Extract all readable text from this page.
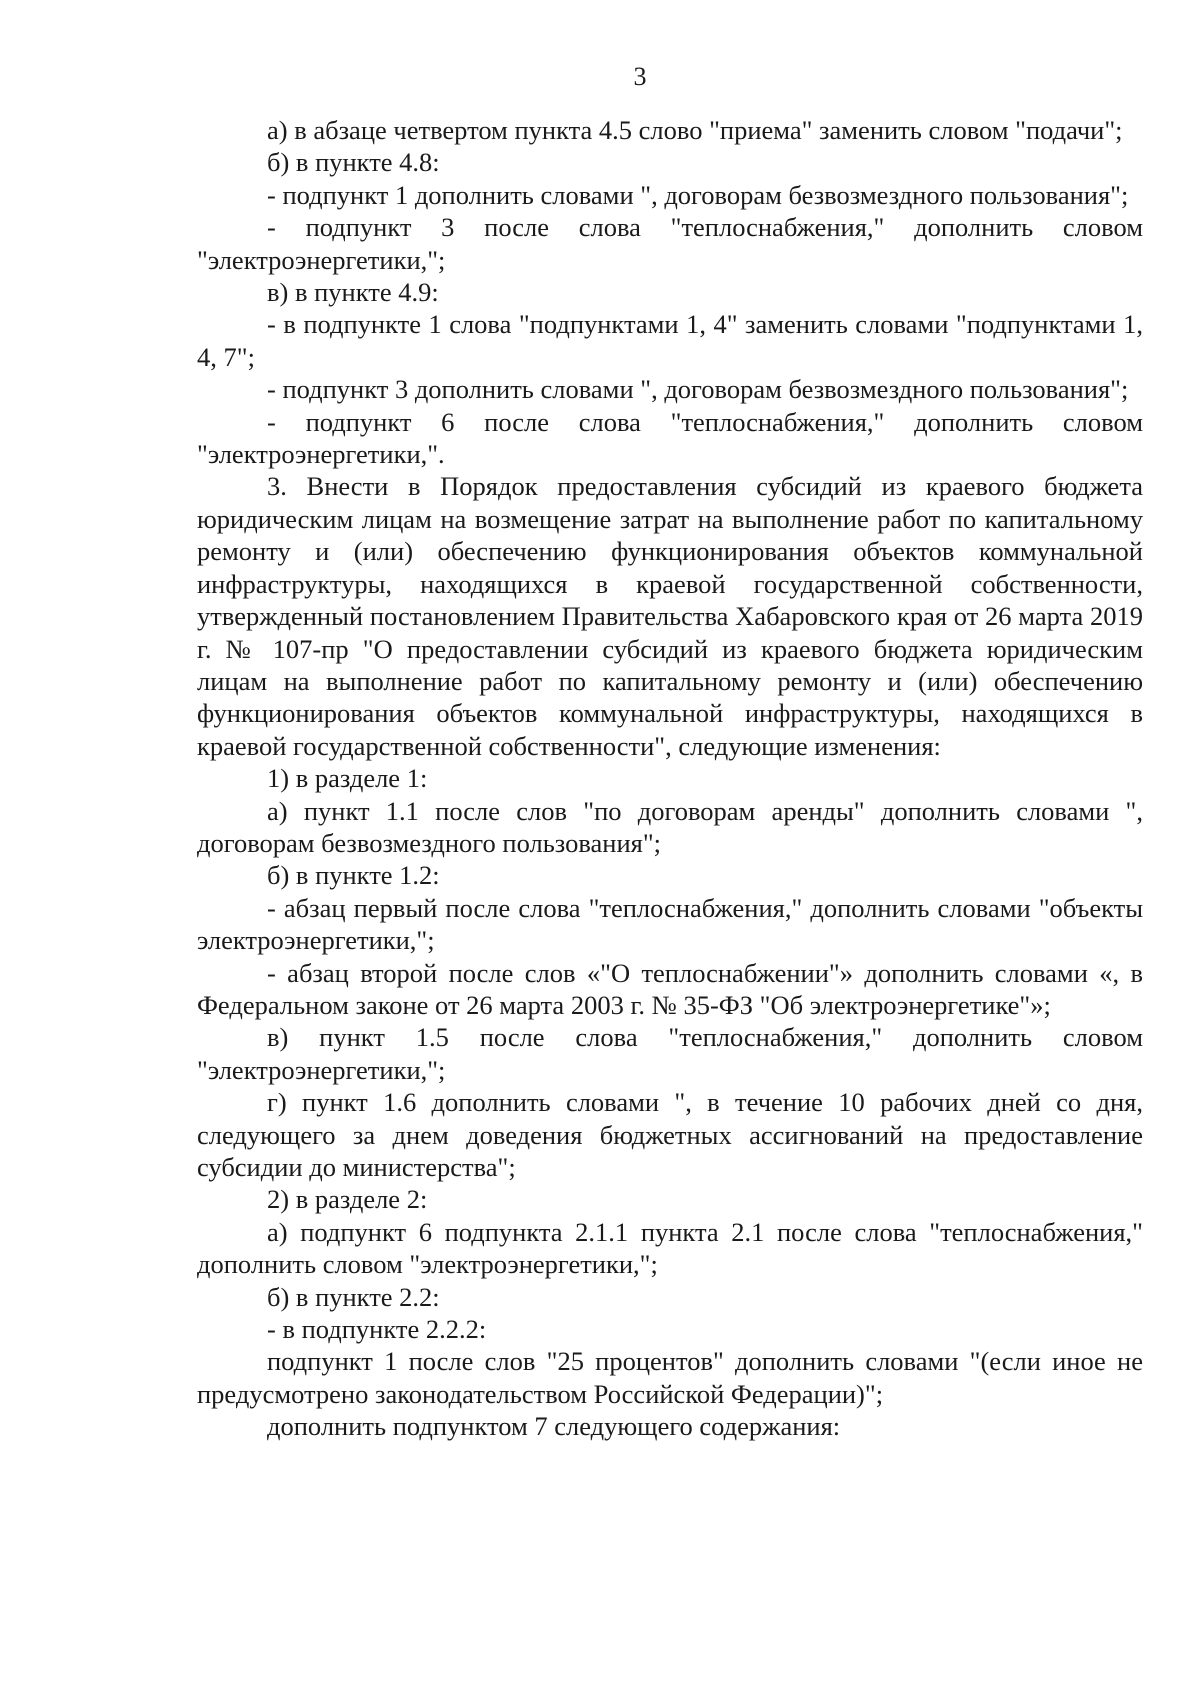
3

а) в абзаце четвертом пункта 4.5 слово "приема" заменить словом "подачи";

б) в пункте 4.8:

- подпункт 1 дополнить словами ", договорам безвозмездного пользования";

- подпункт 3 после слова "теплоснабжения," дополнить словом "электроэнергетики,";

в) в пункте 4.9:

- в подпункте 1 слова "подпунктами 1, 4" заменить словами "подпунктами 1, 4, 7";

- подпункт 3 дополнить словами ", договорам безвозмездного пользования";

- подпункт 6 после слова "теплоснабжения," дополнить словом "электроэнергетики,".

3. Внести в Порядок предоставления субсидий из краевого бюджета юридическим лицам на возмещение затрат на выполнение работ по капитальному ремонту и (или) обеспечению функционирования объектов коммунальной инфраструктуры, находящихся в краевой государственной собственности, утвержденный постановлением Правительства Хабаровского края от 26 марта 2019 г. № 107-пр "О предоставлении субсидий из краевого бюджета юридическим лицам на выполнение работ по капитальному ремонту и (или) обеспечению функционирования объектов коммунальной инфраструктуры, находящихся в краевой государственной собственности", следующие изменения:

1) в разделе 1:

а) пункт 1.1 после слов "по договорам аренды" дополнить словами ", договорам безвозмездного пользования";

б) в пункте 1.2:

- абзац первый после слова "теплоснабжения," дополнить словами "объекты электроэнергетики,";

- абзац второй после слов «"О теплоснабжении"» дополнить словами «, в Федеральном законе от 26 марта 2003 г. № 35-ФЗ "Об электроэнергетике"»;

в) пункт 1.5 после слова "теплоснабжения," дополнить словом "электроэнергетики,";

г) пункт 1.6 дополнить словами ", в течение 10 рабочих дней со дня, следующего за днем доведения бюджетных ассигнований на предоставление субсидии до министерства";

2) в разделе 2:

а) подпункт 6 подпункта 2.1.1 пункта 2.1 после слова "теплоснабжения," дополнить словом "электроэнергетики,";

б) в пункте 2.2:

- в подпункте 2.2.2:

подпункт 1 после слов "25 процентов" дополнить словами "(если иное не предусмотрено законодательством Российской Федерации)";

дополнить подпунктом 7 следующего содержания:
